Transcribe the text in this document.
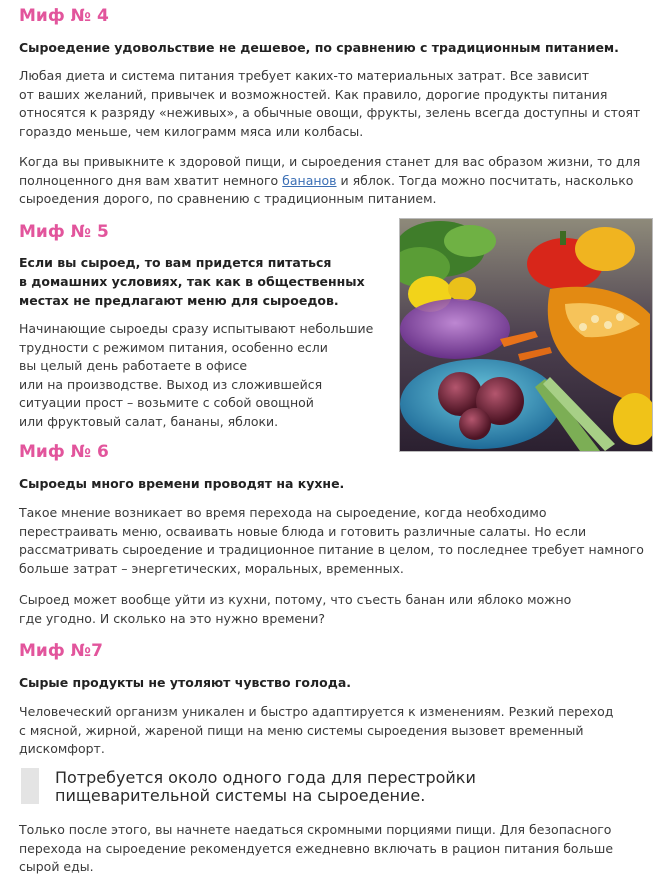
Миф № 4

Сыроедение удовольствие не дешевое, по сравнению с традиционным питанием.

Любая диета и система питания требует каких-то материальных затрат. Все зависит
от ваших желаний, привычек и возможностей. Как правило, дорогие продукты питания
относятся к разряду «неживых», а обычные овощи, фрукты, зелень всегда доступны и стоят
гораздо меньше, чем килограмм мяса или колбасы.

Когда вы привыкните к здоровой пищи, и сыроедения станет для вас образом жизни, то для
полноценного дня вам хватит немного бананов и яблок. Тогда можно посчитать, насколько
сыроедения дорого, по сравнению с традиционным питанием.

Миф № 5

Если вы сыроед, то вам придется питаться
в домашних условиях, так как в общественных
местах не предлагают меню для сыроедов.

Начинающие сыроеды сразу испытывают небольшие
трудности с режимом питания, особенно если
вы целый день работаете в офисе
или на производстве. Выход из сложившейся
ситуации прост – возьмите с собой овощной
или фруктовый салат, бананы, яблоки.

Миф № 6

Сыроеды много времени проводят на кухне.

Такое мнение возникает во время перехода на сыроедение, когда необходимо
перестраивать меню, осваивать новые блюда и готовить различные салаты. Но если
рассматривать сыроедение и традиционное питание в целом, то последнее требует намного
больше затрат – энергетических, моральных, временных.

Сыроед может вообще уйти из кухни, потому, что съесть банан или яблоко можно
где угодно. И сколько на это нужно времени?

Миф №7

Сырые продукты не утоляют чувство голода.

Человеческий организм уникален и быстро адаптируется к изменениям. Резкий переход
с мясной, жирной, жареной пищи на меню системы сыроедения вызовет временный
дискомфорт.

Потребуется около одного года для перестройки
пищеварительной системы на сыроедение.

Только после этого, вы начнете наедаться скромными порциями пищи. Для безопасного
перехода на сыроедение рекомендуется ежедневно включать в рацион питания больше
сырой еды.
